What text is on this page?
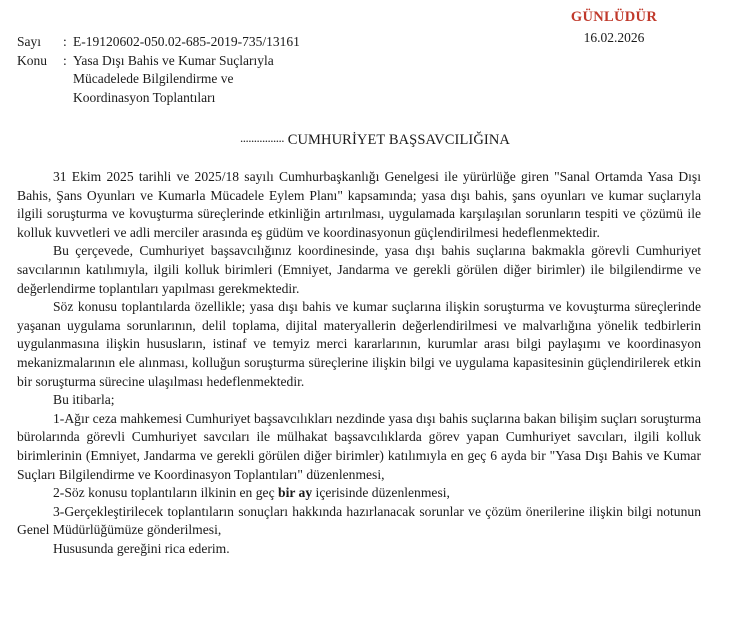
GÜNLÜDÜR
16.02.2026
Sayı	: E-19120602-050.02-685-2019-735/13161
Konu	: Yasa Dışı Bahis ve Kumar Suçlarıyla
Mücadelede Bilgilendirme ve
Koordinasyon Toplantıları
................ CUMHURİYET BAŞSAVCILIĞINA

31 Ekim 2025 tarihli ve 2025/18 sayılı Cumhurbaşkanlığı Genelgesi ile yürürlüğe giren "Sanal Ortamda Yasa Dışı Bahis, Şans Oyunları ve Kumarla Mücadele Eylem Planı" kapsamında; yasa dışı bahis, şans oyunları ve kumar suçlarıyla ilgili soruşturma ve kovuşturma süreçlerinde etkinliğin artırılması, uygulamada karşılaşılan sorunların tespiti ve çözümü ile kolluk kuvvetleri ve adli merciler arasında eş güdüm ve koordinasyonun güçlendirilmesi hedeflenmektedir.

Bu çerçevede, Cumhuriyet başsavcılığınız koordinesinde, yasa dışı bahis suçlarına bakmakla görevli Cumhuriyet savcılarının katılımıyla, ilgili kolluk birimleri (Emniyet, Jandarma ve gerekli görülen diğer birimler) ile bilgilendirme ve değerlendirme toplantıları yapılması gerekmektedir.

Söz konusu toplantılarda özellikle; yasa dışı bahis ve kumar suçlarına ilişkin soruşturma ve kovuşturma süreçlerinde yaşanan uygulama sorunlarının, delil toplama, dijital materyallerin değerlendirilmesi ve malvarlığına yönelik tedbirlerin uygulanmasına ilişkin hususların, istinaf ve temyiz merci kararlarının, kurumlar arası bilgi paylaşımı ve koordinasyon mekanizmalarının ele alınması, kolluğun soruşturma süreçlerine ilişkin bilgi ve uygulama kapasitesinin güçlendirilerek etkin bir soruşturma sürecine ulaşılması hedeflenmektedir.

Bu itibarla;

1-Ağır ceza mahkemesi Cumhuriyet başsavcılıkları nezdinde yasa dışı bahis suçlarına bakan bilişim suçları soruşturma bürolarında görevli Cumhuriyet savcıları ile mülhakat başsavcılıklarda görev yapan Cumhuriyet savcıları, ilgili kolluk birimlerinin (Emniyet, Jandarma ve gerekli görülen diğer birimler) katılımıyla en geç 6 ayda bir "Yasa Dışı Bahis ve Kumar Suçları Bilgilendirme ve Koordinasyon Toplantıları" düzenlenmesi,

2-Söz konusu toplantıların ilkinin en geç bir ay içerisinde düzenlenmesi,

3-Gerçekleştirilecek toplantıların sonuçları hakkında hazırlanacak sorunlar ve çözüm önerilerine ilişkin bilgi notunun Genel Müdürlüğümüze gönderilmesi,

Hususunda gereğini rica ederim.
